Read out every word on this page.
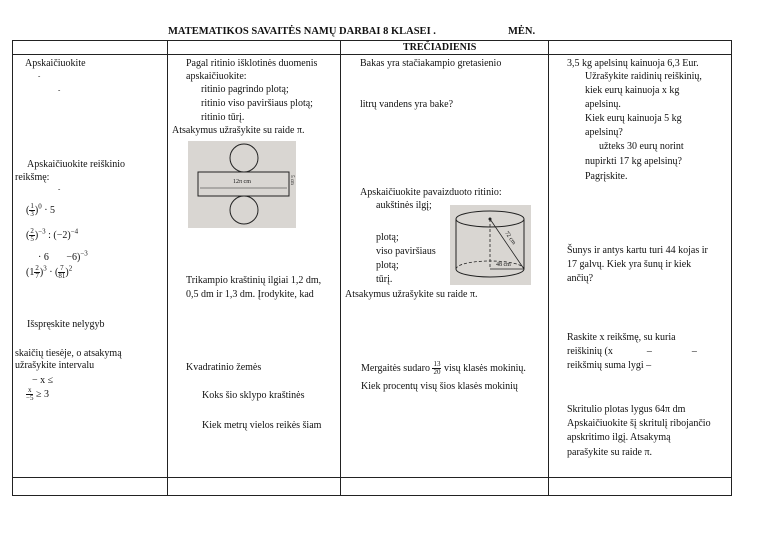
MATEMATIKOS SAVAITĖS NAMŲ DARBAI 8 KLASEI .	MĖN.
TREČIADIENIS
Apskaičiuokite
-
-
Apskaičiuokite reiškinio
reikšmę:
-
( $\frac{1}{3} )^0 \cdot 5$
( $\frac{2}{5} )^{-3}$ : $(-2)^{-4}$
· 6 −6)$^{-3}$
$(1 \frac{2}{7} )^3$ · ( $\frac{7}{81} )^2$
Išspręskite nelygyb
skaičių tiesėje, o atsakymą
užrašykite intervalu
− x ≤
$\frac{x}{-5} \ge 3$
Pagal ritinio išklotinės duomenis
apskaičiuokite:
ritinio pagrindo plotą;
ritinio viso paviršiaus plotą;
ritinio tūrį.
Atsakymus užrašykite su raide π.
12π cm	5 cm
Trikampio kraštinių ilgiai 1,2 dm,
0,5 dm ir 1,3 dm. Įrodykite, kad
Kvadratinio žemės
Koks šio sklypo kraštinės
Kiek metrų vielos reikės šiam
Bakas yra stačiakampio gretasienio
litrų vandens yra bake?
Apskaičiuokite pavaizduoto ritinio:
aukštinės ilgį;
plotą;
viso paviršiaus
plotą;
tūrį.
Atsakymus užrašykite su raide π.
72 cm
48 cm
Mergaitės sudaro $\frac{13}{20}$ visų klasės mokinių.
Kiek procentų visų šios klasės mokinių
3,5 kg apelsinų kainuoja 6,3 Eur.
Užrašykite raidinių reiškinių,
kiek eurų kainuoja x kg
apelsinų.
Kiek eurų kainuoja 5 kg
apelsinų?
užteks 30 eurų norint
nupirkti 17 kg apelsinų?
Pagrįskite.
Šunys ir antys kartu turi 44 kojas ir
17 galvų. Kiek yra šunų ir kiek
ančių?
Raskite x reikšmę, su kuria
reiškinių (x	–	–
reikšmių suma lygi –
Skritulio plotas lygus 64π dm
Apskaičiuokite šį skritulį ribojančio
apskritimo ilgį. Atsakymą
parašykite su raide π.
